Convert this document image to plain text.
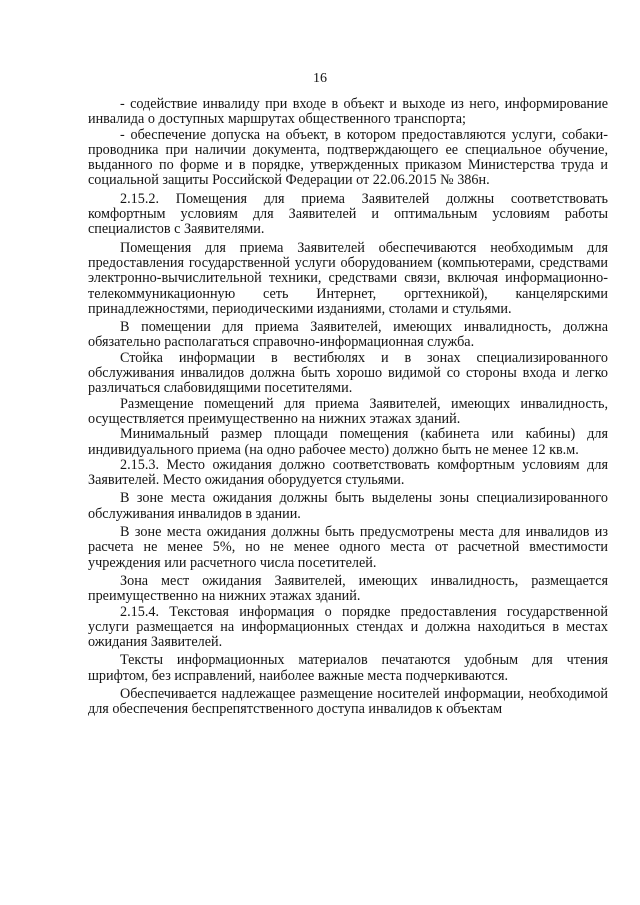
16

- содействие инвалиду при входе в объект и выходе из него, информирование инвалида о доступных маршрутах общественного транспорта;

- обеспечение допуска на объект, в котором предоставляются услуги, собаки-проводника при наличии документа, подтверждающего ее специальное обучение, выданного по форме и в порядке, утвержденных приказом Министерства труда и социальной защиты Российской Федерации от 22.06.2015 № 386н.

2.15.2. Помещения для приема Заявителей должны соответствовать комфортным условиям для Заявителей и оптимальным условиям работы специалистов с Заявителями.

Помещения для приема Заявителей обеспечиваются необходимым для предоставления государственной услуги оборудованием (компьютерами, средствами электронно-вычислительной техники, средствами связи, включая информационно-телекоммуникационную сеть Интернет, оргтехникой), канцелярскими принадлежностями, периодическими изданиями, столами и стульями.

В помещении для приема Заявителей, имеющих инвалидность, должна обязательно располагаться справочно-информационная служба.

Стойка информации в вестибюлях и в зонах специализированного обслуживания инвалидов должна быть хорошо видимой со стороны входа и легко различаться слабовидящими посетителями.

Размещение помещений для приема Заявителей, имеющих инвалидность, осуществляется преимущественно на нижних этажах зданий.

Минимальный размер площади помещения (кабинета или кабины) для индивидуального приема (на одно рабочее место) должно быть не менее 12 кв.м.

2.15.3. Место ожидания должно соответствовать комфортным условиям для Заявителей. Место ожидания оборудуется стульями.

В зоне места ожидания должны быть выделены зоны специализированного обслуживания инвалидов в здании.

В зоне места ожидания должны быть предусмотрены места для инвалидов из расчета не менее 5%, но не менее одного места от расчетной вместимости учреждения или расчетного числа посетителей.

Зона мест ожидания Заявителей, имеющих инвалидность, размещается преимущественно на нижних этажах зданий.

2.15.4. Текстовая информация о порядке предоставления государственной услуги размещается на информационных стендах и должна находиться в местах ожидания Заявителей.

Тексты информационных материалов печатаются удобным для чтения шрифтом, без исправлений, наиболее важные места подчеркиваются.

Обеспечивается надлежащее размещение носителей информации, необходимой для обеспечения беспрепятственного доступа инвалидов к объектам
